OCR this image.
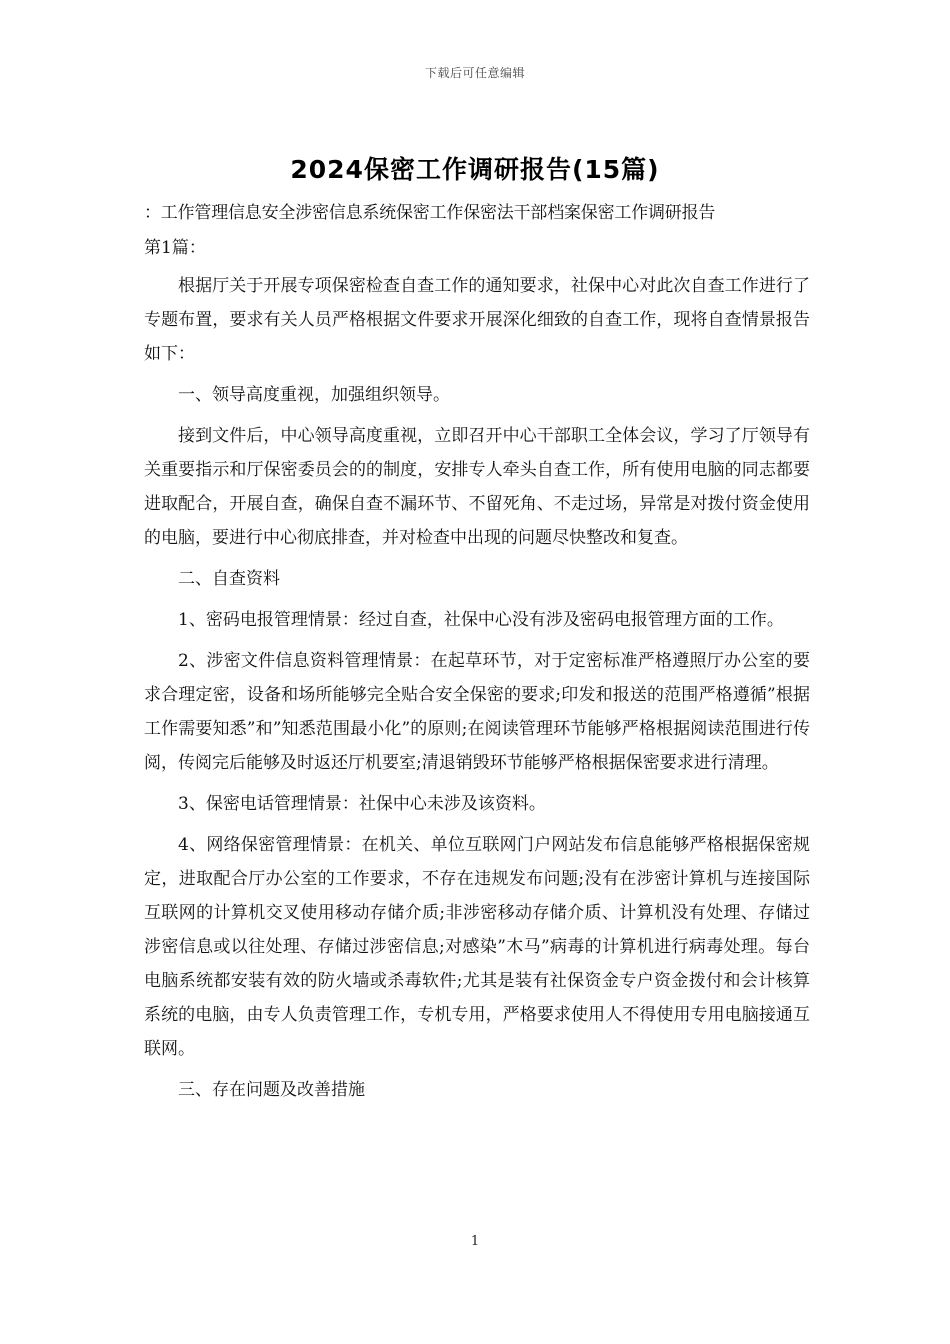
下载后可任意编辑
2024保密工作调研报告(15篇)

：工作管理信息安全涉密信息系统保密工作保密法干部档案保密工作调研报告

第1篇：

根据厅关于开展专项保密检查自查工作的通知要求，社保中心对此次自查工作进行了专题布置，要求有关人员严格根据文件要求开展深化细致的自查工作，现将自查情景报告如下：

一、领导高度重视，加强组织领导。

接到文件后，中心领导高度重视，立即召开中心干部职工全体会议，学习了厅领导有关重要指示和厅保密委员会的的制度，安排专人牵头自查工作，所有使用电脑的同志都要进取配合，开展自查，确保自查不漏环节、不留死角、不走过场，异常是对拨付资金使用的电脑，要进行中心彻底排查，并对检查中出现的问题尽快整改和复查。

二、自查资料

1、密码电报管理情景：经过自查，社保中心没有涉及密码电报管理方面的工作。

2、涉密文件信息资料管理情景：在起草环节，对于定密标准严格遵照厅办公室的要求合理定密，设备和场所能够完全贴合安全保密的要求;印发和报送的范围严格遵循”根据工作需要知悉”和”知悉范围最小化”的原则;在阅读管理环节能够严格根据阅读范围进行传阅，传阅完后能够及时返还厅机要室;清退销毁环节能够严格根据保密要求进行清理。

3、保密电话管理情景：社保中心未涉及该资料。

4、网络保密管理情景：在机关、单位互联网门户网站发布信息能够严格根据保密规定，进取配合厅办公室的工作要求，不存在违规发布问题;没有在涉密计算机与连接国际互联网的计算机交叉使用移动存储介质;非涉密移动存储介质、计算机没有处理、存储过涉密信息或以往处理、存储过涉密信息;对感染”木马”病毒的计算机进行病毒处理。每台电脑系统都安装有效的防火墙或杀毒软件;尤其是装有社保资金专户资金拨付和会计核算系统的电脑，由专人负责管理工作，专机专用，严格要求使用人不得使用专用电脑接通互联网。

三、存在问题及改善措施

1
